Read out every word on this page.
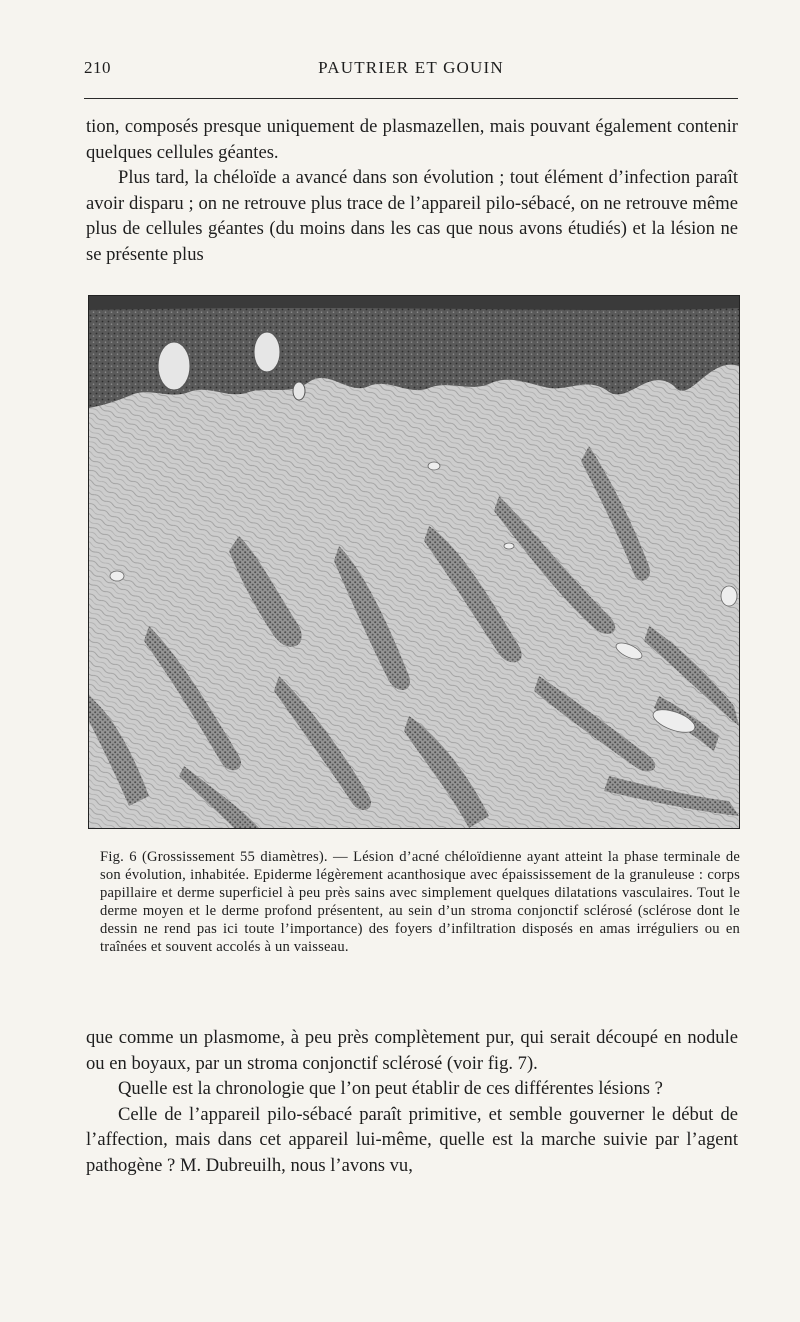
210	PAUTRIER ET GOUIN

tion, composés presque uniquement de plasmazellen, mais pouvant également contenir quelques cellules géantes.

Plus tard, la chéloïde a avancé dans son évolution ; tout élément d’infection paraît avoir disparu ; on ne retrouve plus trace de l’appareil pilo-sébacé, on ne retrouve même plus de cellules géantes (du moins dans les cas que nous avons étudiés) et la lésion ne se présente plus

Fig. 6 (Grossissement 55 diamètres). — Lésion d’acné chéloïdienne ayant atteint la phase terminale de son évolution, inhabitée. Epiderme légèrement acanthosique avec épaississement de la granuleuse : corps papillaire et derme superficiel à peu près sains avec simplement quelques dilatations vasculaires. Tout le derme moyen et le derme profond présentent, au sein d’un stroma conjonctif sclérosé (sclérose dont le dessin ne rend pas ici toute l’importance) des foyers d’infiltration disposés en amas irréguliers ou en traînées et souvent accolés à un vaisseau.

que comme un plasmome, à peu près complètement pur, qui serait découpé en nodule ou en boyaux, par un stroma conjonctif sclérosé (voir fig. 7).

Quelle est la chronologie que l’on peut établir de ces différentes lésions ?

Celle de l’appareil pilo-sébacé paraît primitive, et semble gouverner le début de l’affection, mais dans cet appareil lui-même, quelle est la marche suivie par l’agent pathogène ? M. Dubreuilh, nous l’avons vu,
